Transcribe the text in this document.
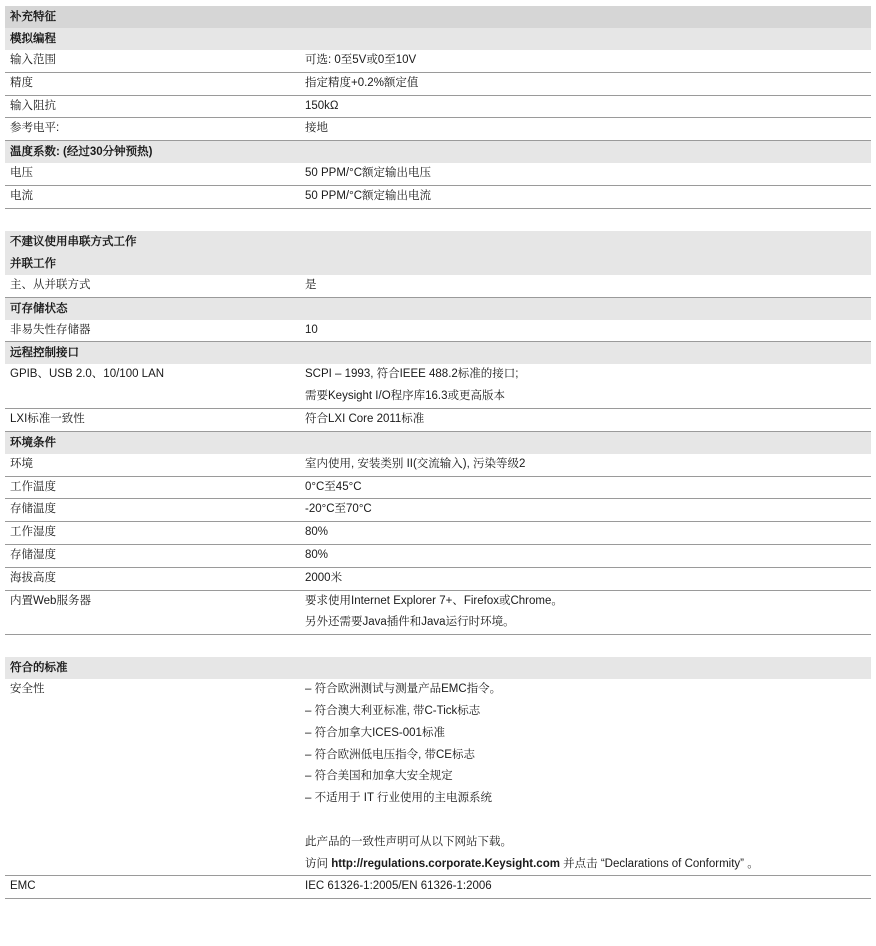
补充特征
模拟编程
输入范围	可选: 0至5V或0至10V
精度	指定精度+0.2%额定值
输入阻抗	150kΩ
参考电平:	接地
温度系数: (经过30分钟预热)
电压	50 PPM/°C额定输出电压
电流	50 PPM/°C额定输出电流
不建议使用串联方式工作
并联工作
主、从并联方式	是
可存储状态
非易失性存储器	10
远程控制接口
GPIB、USB 2.0、10/100 LAN	SCPI – 1993, 符合IEEE 488.2标准的接口;
需要Keysight I/O程序库16.3或更高版本
LXI标准一致性	符合LXI Core 2011标准
环境条件
环境	室内使用, 安装类别 II(交流输入), 污染等级2
工作温度	0°C至45°C
存储温度	-20°C至70°C
工作湿度	80%
存储湿度	80%
海拔高度	2000米
内置Web服务器	要求使用Internet Explorer 7+、Firefox或Chrome。
另外还需要Java插件和Java运行时环境。
符合的标准
安全性	– 符合欧洲测试与测量产品EMC指令。
– 符合澳大利亚标准, 带C-Tick标志
– 符合加拿大ICES-001标准
– 符合欧洲低电压指令, 带CE标志
– 符合美国和加拿大安全规定
– 不适用于 IT 行业使用的主电源系统
此产品的一致性声明可从以下网站下载。
访问 http://regulations.corporate.Keysight.com 并点击 “Declarations of Conformity” 。
EMC	IEC 61326-1:2005/EN 61326-1:2006
